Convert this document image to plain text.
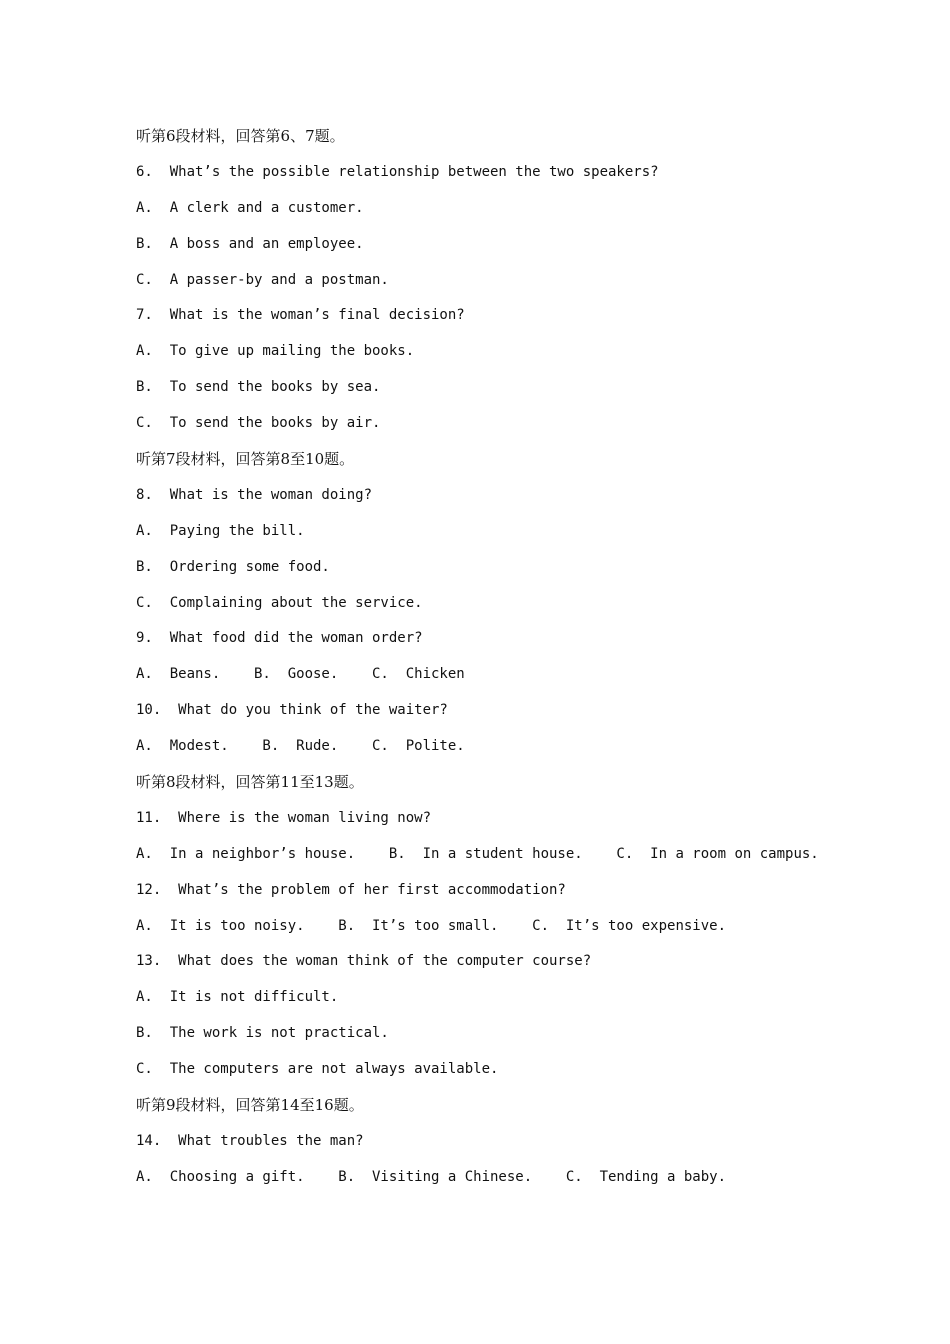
听第6段材料，回答第6、7题。
6.  What’s the possible relationship between the two speakers?
A.  A clerk and a customer.
B.  A boss and an employee.
C.  A passer-by and a postman.
7.  What is the woman’s final decision?
A.  To give up mailing the books.
B.  To send the books by sea.
C.  To send the books by air.
听第7段材料，回答第8至10题。
8.  What is the woman doing?
A.  Paying the bill.
B.  Ordering some food.
C.  Complaining about the service.
9.  What food did the woman order?
A.  Beans.    B.  Goose.    C.  Chicken
10.  What do you think of the waiter?
A.  Modest.    B.  Rude.    C.  Polite.
听第8段材料，回答第11至13题。
11.  Where is the woman living now?
A.  In a neighbor’s house.    B.  In a student house.    C.  In a room on campus.
12.  What’s the problem of her first accommodation?
A.  It is too noisy.    B.  It’s too small.    C.  It’s too expensive.
13.  What does the woman think of the computer course?
A.  It is not difficult.
B.  The work is not practical.
C.  The computers are not always available.
听第9段材料，回答第14至16题。
14.  What troubles the man?
A.  Choosing a gift.    B.  Visiting a Chinese.    C.  Tending a baby.
